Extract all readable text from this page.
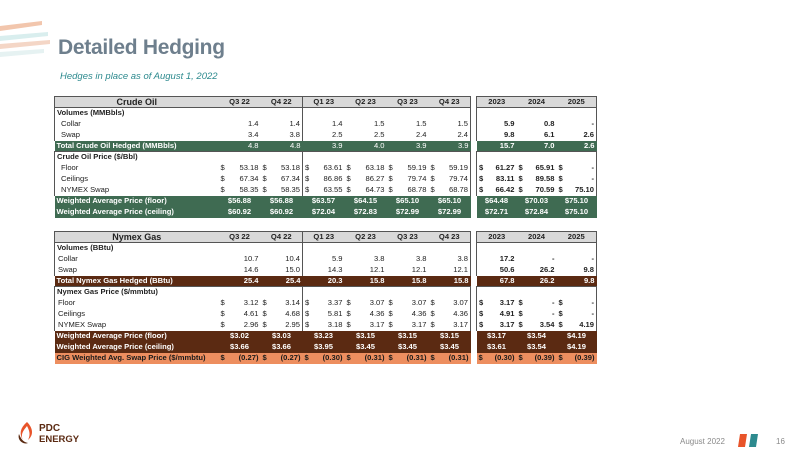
Detailed Hedging
Hedges in place as of August 1, 2022
Crude Oil	Q3 22		Q4 22		Q1 23		Q2 23		Q3 23		Q4 23			2023		2024		2025	
Volumes (MMBbls)																			
Collar	1.4		1.4		1.4		1.5		1.5		1.5			5.9		0.8		-	
Swap	3.4		3.8		2.5		2.5		2.4		2.4			9.8		6.1		2.6	
Total Crude Oil Hedged (MMBbls)	4.8		4.8		3.9		4.0		3.9		3.9			15.7		7.0		2.6	
Crude Oil Price ($/Bbl)																			
Floor	$	53.18	$	53.18	$	63.61	$	63.18	$	59.19	$	59.19		$	61.27	$	65.91	$	-
Ceilings	$	67.34	$	67.34	$	86.86	$	86.27	$	79.74	$	79.74		$	83.11	$	89.58	$	-
NYMEX Swap	$	58.35	$	58.35	$	63.55	$	64.73	$	68.78	$	68.78		$	66.42	$	70.59	$	75.10
Weighted Average Price (floor)	$56.88		$56.88		$63.57		$64.15		$65.10		$65.10			$64.48		$70.03		$75.10	
Weighted Average Price (ceiling)	$60.92		$60.92		$72.04		$72.83		$72.99		$72.99			$72.71		$72.84		$75.10	
Nymex Gas	Q3 22		Q4 22		Q1 23		Q2 23		Q3 23		Q4 23			2023		2024		2025	
Volumes (BBtu)																			
Collar	10.7		10.4		5.9		3.8		3.8		3.8			17.2		-		-	
Swap	14.6		15.0		14.3		12.1		12.1		12.1			50.6		26.2		9.8	
Total Nymex Gas Hedged (BBtu)	25.4		25.4		20.3		15.8		15.8		15.8			67.8		26.2		9.8	
Nymex Gas Price ($/mmbtu)																			
Floor	$	3.12	$	3.14	$	3.37	$	3.07	$	3.07	$	3.07		$	3.17	$	-	$	-
Ceilings	$	4.61	$	4.68	$	5.81	$	4.36	$	4.36	$	4.36		$	4.91	$	-	$	-
NYMEX Swap	$	2.96	$	2.95	$	3.18	$	3.17	$	3.17	$	3.17		$	3.17	$	3.54	$	4.19
Weighted Average Price (floor)	$3.02		$3.03		$3.23		$3.15		$3.15		$3.15			$3.17		$3.54		$4.19	
Weighted Average Price (ceiling)	$3.66		$3.66		$3.95		$3.45		$3.45		$3.45			$3.61		$3.54		$4.19	
CIG Weighted Avg. Swap Price ($/mmbtu)	$	(0.27)	$	(0.27)	$	(0.30)	$	(0.31)	$	(0.31)	$	(0.31)		$	(0.30)	$	(0.39)	$	(0.39)
PDC
ENERGY	August 2022	16
